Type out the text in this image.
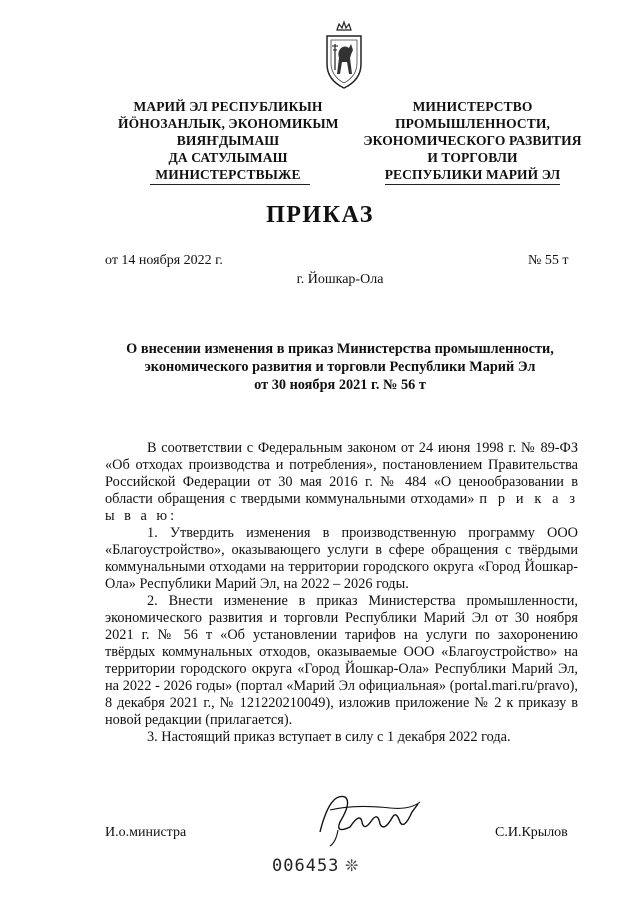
МАРИЙ ЭЛ РЕСПУБЛИКЫН
ЙÖНОЗАНЛЫК, ЭКОНОМИКЫМ
ВИЯҤДЫМАШ
ДА САТУЛЫМАШ
МИНИСТЕРСТВЫЖЕ
МИНИСТЕРСТВО
ПРОМЫШЛЕННОСТИ,
ЭКОНОМИЧЕСКОГО РАЗВИТИЯ
И ТОРГОВЛИ
РЕСПУБЛИКИ МАРИЙ ЭЛ
ПРИКАЗ
от 14 ноября 2022 г.	№ 55 т
г. Йошкар-Ола
О внесении изменения в приказ Министерства промышленности,
экономического развития и торговли Республики Марий Эл
от 30 ноября 2021 г. № 56 т

В соответствии с Федеральным законом от 24 июня 1998 г. № 89-ФЗ «Об отходах производства и потребления», постановлением Правительства Российской Федерации от 30 мая 2016 г. № 484 «О ценообразовании в области обращения с твердыми коммунальными отходами» п р и к а з ы в а ю:

1. Утвердить изменения в производственную программу ООО «Благоустройство», оказывающего услуги в сфере обращения с твёрдыми коммунальными отходами на территории городского округа «Город Йошкар-Ола» Республики Марий Эл, на 2022 – 2026 годы.

2. Внести изменение в приказ Министерства промышленности, экономического развития и торговли Республики Марий Эл от 30 ноября 2021 г. № 56 т «Об установлении тарифов на услуги по захоронению твёрдых коммунальных отходов, оказываемые ООО «Благоустройство» на территории городского округа «Город Йошкар-Ола» Республики Марий Эл, на 2022 - 2026 годы» (портал «Марий Эл официальная» (portal.mari.ru/pravo), 8 декабря 2021 г., № 121220210049), изложив приложение № 2 к приказу в новой редакции (прилагается).

3. Настоящий приказ вступает в силу с 1 декабря 2022 года.

И.о.министра	С.И.Крылов
006453 ❊
